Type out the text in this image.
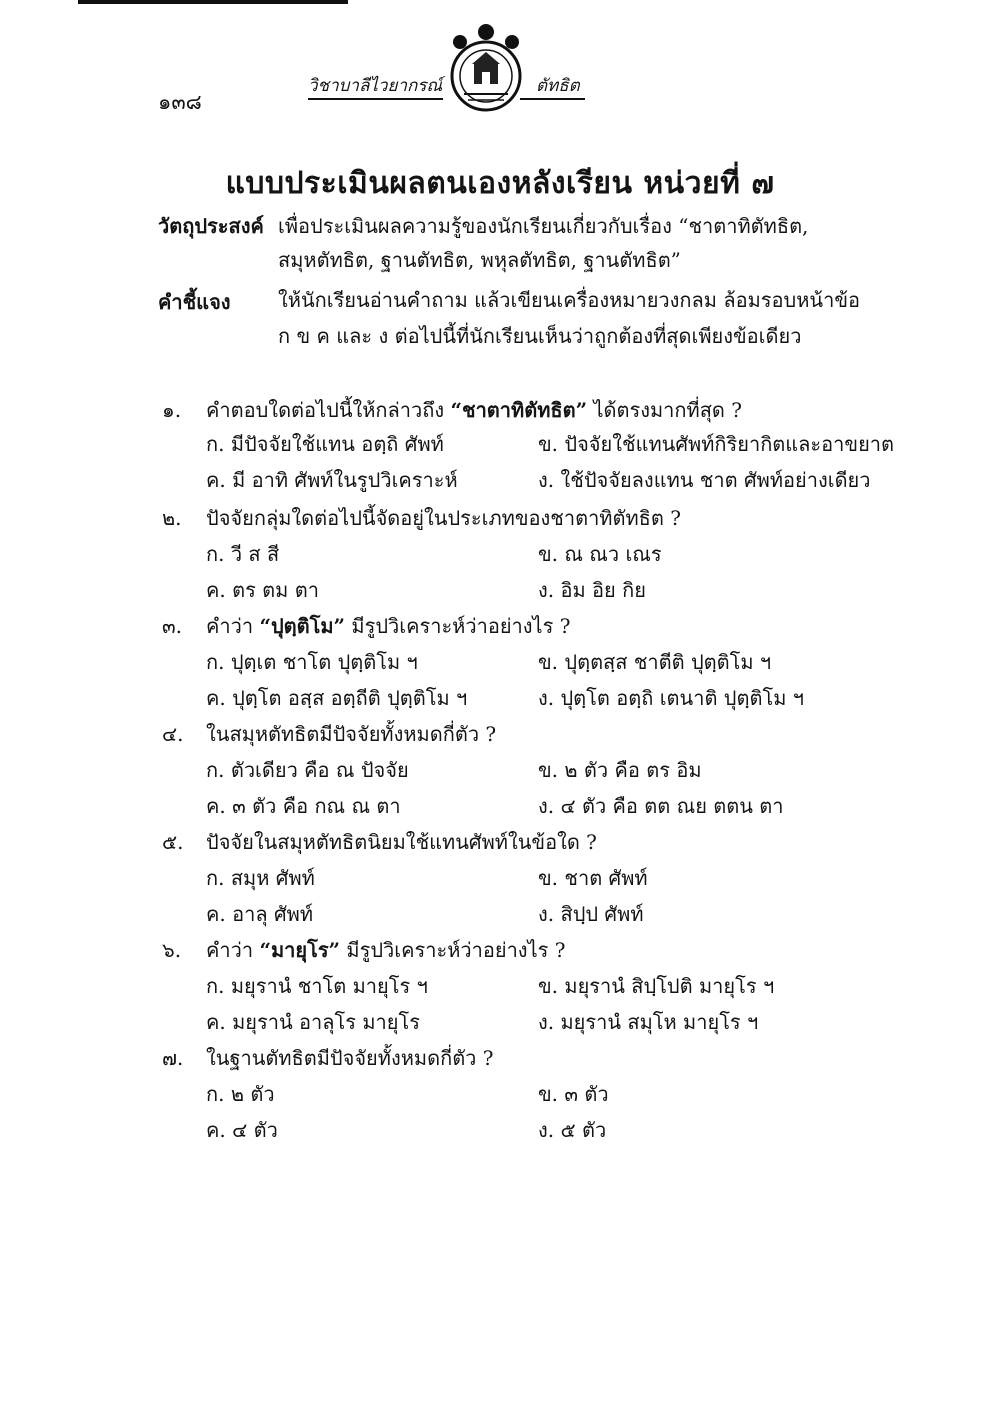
๑๓๘
วิชาบาลีไวยากรณ์	ตัทธิต
แบบประเมินผลตนเองหลังเรียน หน่วยที่ ๗
วัตถุประสงค์ เพื่อประเมินผลความรู้ของนักเรียนเกี่ยวกับเรื่อง “ชาตาทิตัทธิต,
สมุหตัทธิต, ฐานตัทธิต, พหุลตัทธิต, ฐานตัทธิต”
คำชี้แจง ให้นักเรียนอ่านคำถาม แล้วเขียนเครื่องหมายวงกลม ล้อมรอบหน้าข้อ
ก ข ค และ ง ต่อไปนี้ที่นักเรียนเห็นว่าถูกต้องที่สุดเพียงข้อเดียว
๑. คำตอบใดต่อไปนี้ให้กล่าวถึง “ชาตาทิตัทธิต” ได้ตรงมากที่สุด ?
ก. มีปัจจัยใช้แทน อตฺถิ ศัพท์	ข. ปัจจัยใช้แทนศัพท์กิริยากิตและอาขยาต
ค. มี อาทิ ศัพท์ในรูปวิเคราะห์	ง. ใช้ปัจจัยลงแทน ชาต ศัพท์อย่างเดียว
๒. ปัจจัยกลุ่มใดต่อไปนี้จัดอยู่ในประเภทของชาตาทิตัทธิต ?
ก. วี ส สี	ข. ณ ณว เณร
ค. ตร ตม ตา	ง. อิม อิย กิย
๓. คำว่า “ปุตฺติโม” มีรูปวิเคราะห์ว่าอย่างไร ?
ก. ปุตฺเต ชาโต ปุตฺติโม ฯ	ข. ปุตฺตสฺส ชาตีติ ปุตฺติโม ฯ
ค. ปุตฺโต อสฺส อตฺถีติ ปุตฺติโม ฯ	ง. ปุตฺโต อตฺถิ เตนาติ ปุตฺติโม ฯ
๔. ในสมุหตัทธิตมีปัจจัยทั้งหมดกี่ตัว ?
ก. ตัวเดียว คือ ณ ปัจจัย	ข. ๒ ตัว คือ ตร อิม
ค. ๓ ตัว คือ กณ ณ ตา	ง. ๔ ตัว คือ ตต ณย ตตน ตา
๕. ปัจจัยในสมุหตัทธิตนิยมใช้แทนศัพท์ในข้อใด ?
ก. สมุห ศัพท์	ข. ชาต ศัพท์
ค. อาลุ ศัพท์	ง. สิปฺป ศัพท์
๖. คำว่า “มายุโร” มีรูปวิเคราะห์ว่าอย่างไร ?
ก. มยุรานํ ชาโต มายุโร ฯ	ข. มยุรานํ สิปฺโปติ มายุโร ฯ
ค. มยุรานํ อาลุโร มายุโร	ง. มยุรานํ สมุโห มายุโร ฯ
๗. ในฐานตัทธิตมีปัจจัยทั้งหมดกี่ตัว ?
ก. ๒ ตัว	ข. ๓ ตัว
ค. ๔ ตัว	ง. ๕ ตัว
